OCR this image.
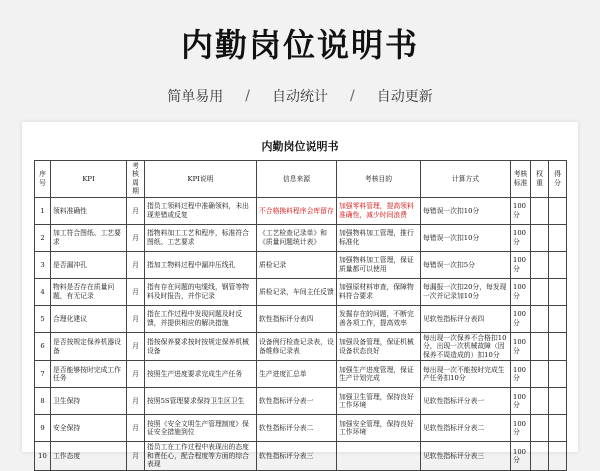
内勤岗位说明书
简单易用 / 自动统计 / 自动更新
内勤岗位说明书
序号	KPI	考核周期	KPI说明	信息来源	考核目的	计算方式	考核标准	权重	得分
1	领料准确性	月	指员工领料过程中准确领料，未出现差错或反复	不合格换料程序会库留存	加强零料管理，提高领料准确性，减少时间浪费	每错误一次扣10分	100分		
2	加工符合图纸、工艺要求	月	指物料加工工艺和程序，标准符合图纸、工艺要求	《工艺检查记录单》和《质量问题统计表》	加强物料加工管理，推行标准化	每错误一次扣10分	100分		
3	是否漏冲孔	月	指加工物料过程中漏冲压线孔	质检记录	加强物料加工管理，保证质量都可以使用	每错误一次扣5分	100分		
4	物料是否存在质量问题，有无记录	月	指有存在问题的电缆线，钢管等物料及时报告，并作记录	质检记录，车间主任反馈	加强原材料审查，保障物料符合要求	每漏报一次扣20分，每发现一次并记录加10分	100分		
5	合理化建议	月	指在工作过程中发现问题及时反馈，并提供相应的解决措施	软性指标评分表四	发掘存在的问题，不断完善各项工作，提高效率	见软性指标评分表四	100分		
6	是否按规定保养机器设备	月	指按保养要求按时按规定保养机械设备	设备例行检查记录表，设备维修记录表	加强设备管理，保证机械设备状态良好	每出现一次保养不合格扣10分，出现一次机械故障（因保养不周造成的）扣10分	100分		
7	是否能够按时完成工作任务	月	按照生产进度要求完成生产任务	生产进度汇总单	加强生产进度管理，保证生产计划完成	每出现一次不能按时完成生产任务扣10分	100分		
8	卫生保持	月	按照5S管理要求保持卫生区卫生	软性指标评分表一	加强卫生管理，保持良好工作环境	见软性指标评分表一	100分		
9	安全保持	月	按照《安全文明生产管理制度》保证安全措施到位	软性指标评分表二	加强安全管理，保持良好工作环境	见软性指标评分表二	100分		
10	工作态度	月	指员工在工作过程中表现出的态度和責任心，配合程度等方面的综合表现	软性指标评分表三		见软性指标评分表三	100分		
